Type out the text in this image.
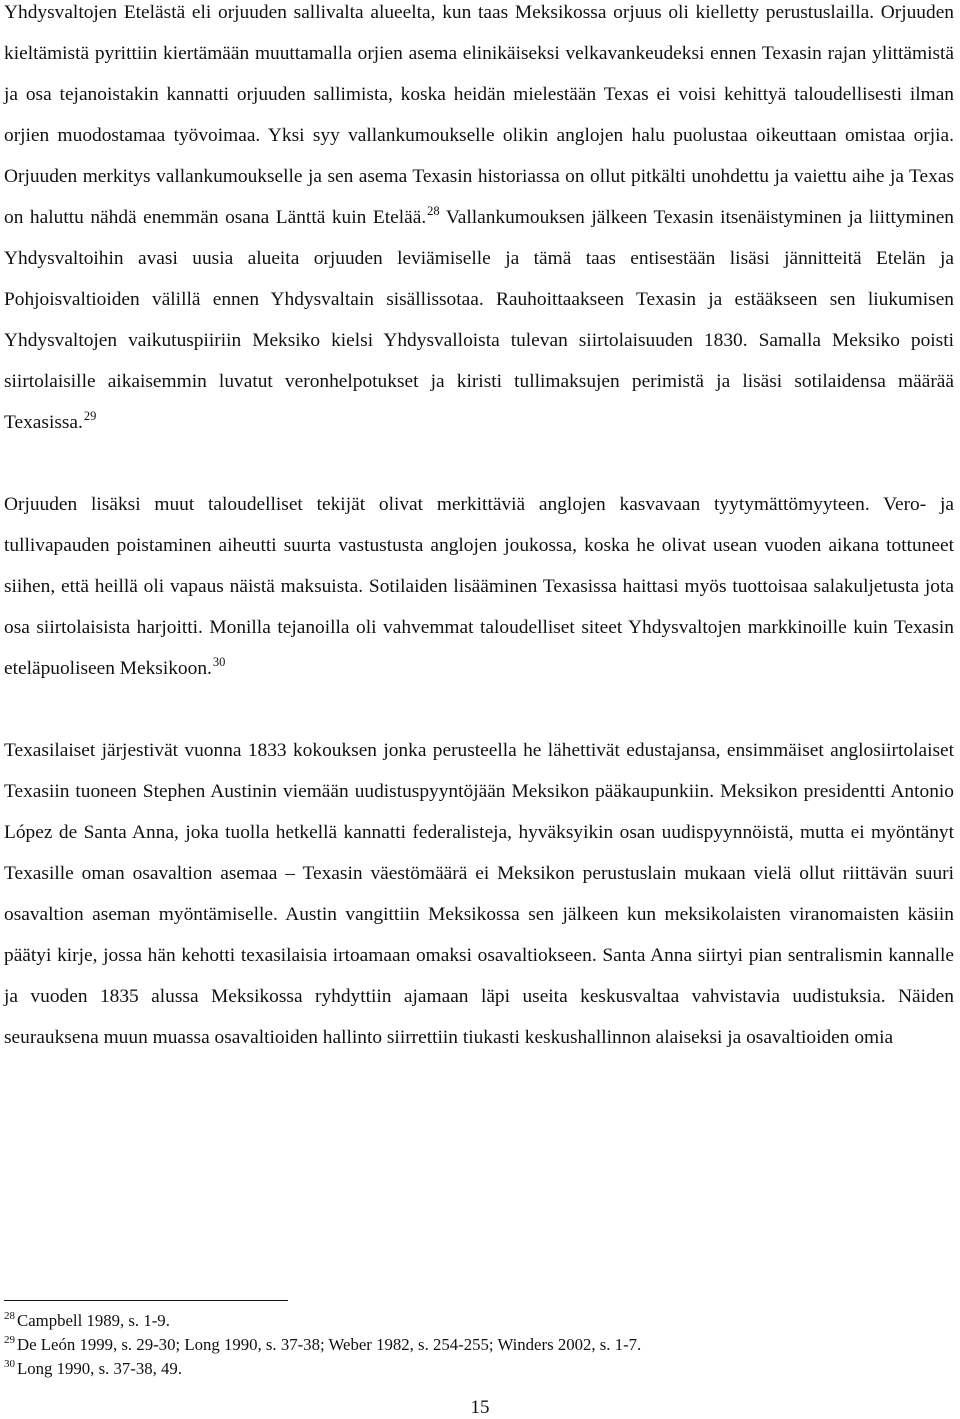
Yhdysvaltojen Etelästä eli orjuuden sallivalta alueelta, kun taas Meksikossa orjuus oli kielletty perustuslailla. Orjuuden kieltämistä pyrittiin kiertämään muuttamalla orjien asema elinikäiseksi velkavankeudeksi ennen Texasin rajan ylittämistä ja osa tejanoistakin kannatti orjuuden sallimista, koska heidän mielestään Texas ei voisi kehittyä taloudellisesti ilman orjien muodostamaa työvoimaa. Yksi syy vallankumoukselle olikin anglojen halu puolustaa oikeuttaan omistaa orjia. Orjuuden merkitys vallankumoukselle ja sen asema Texasin historiassa on ollut pitkälti unohdettu ja vaiettu aihe ja Texas on haluttu nähdä enemmän osana Länttä kuin Etelää.$^{28}$ Vallankumouksen jälkeen Texasin itsenäistyminen ja liittyminen Yhdysvaltoihin avasi uusia alueita orjuuden leviämiselle ja tämä taas entisestään lisäsi jännitteitä Etelän ja Pohjoisvaltioiden välillä ennen Yhdysvaltain sisällissotaa. Rauhoittaakseen Texasin ja estääkseen sen liukumisen Yhdysvaltojen vaikutuspiiriin Meksiko kielsi Yhdysvalloista tulevan siirtolaisuuden 1830. Samalla Meksiko poisti siirtolaisille aikaisemmin luvatut veronhelpotukset ja kiristi tullimaksujen perimistä ja lisäsi sotilaidensa määrää Texasissa.$^{29}$

Orjuuden lisäksi muut taloudelliset tekijät olivat merkittäviä anglojen kasvavaan tyytymättömyyteen. Vero- ja tullivapauden poistaminen aiheutti suurta vastustusta anglojen joukossa, koska he olivat usean vuoden aikana tottuneet siihen, että heillä oli vapaus näistä maksuista. Sotilaiden lisääminen Texasissa haittasi myös tuottoisaa salakuljetusta jota osa siirtolaisista harjoitti. Monilla tejanoilla oli vahvemmat taloudelliset siteet Yhdysvaltojen markkinoille kuin Texasin eteläpuoliseen Meksikoon.$^{30}$

Texasilaiset järjestivät vuonna 1833 kokouksen jonka perusteella he lähettivät edustajansa, ensimmäiset anglosiirtolaiset Texasiin tuoneen Stephen Austinin viemään uudistuspyyntöjään Meksikon pääkaupunkiin. Meksikon presidentti Antonio López de Santa Anna, joka tuolla hetkellä kannatti federalisteja, hyväksyikin osan uudispyynnöistä, mutta ei myöntänyt Texasille oman osavaltion asemaa – Texasin väestömäärä ei Meksikon perustuslain mukaan vielä ollut riittävän suuri osavaltion aseman myöntämiselle. Austin vangittiin Meksikossa sen jälkeen kun meksikolaisten viranomaisten käsiin päätyi kirje, jossa hän kehotti texasilaisia irtoamaan omaksi osavaltiokseen. Santa Anna siirtyi pian sentralismin kannalle ja vuoden 1835 alussa Meksikossa ryhdyttiin ajamaan läpi useita keskusvaltaa vahvistavia uudistuksia. Näiden seurauksena muun muassa osavaltioiden hallinto siirrettiin tiukasti keskushallinnon alaiseksi ja osavaltioiden omia

$^{28}$ Campbell 1989, s. 1-9.

$^{29}$ De León 1999, s. 29-30; Long 1990, s. 37-38; Weber 1982, s. 254-255; Winders 2002, s. 1-7.

$^{30}$ Long 1990, s. 37-38, 49.

15
